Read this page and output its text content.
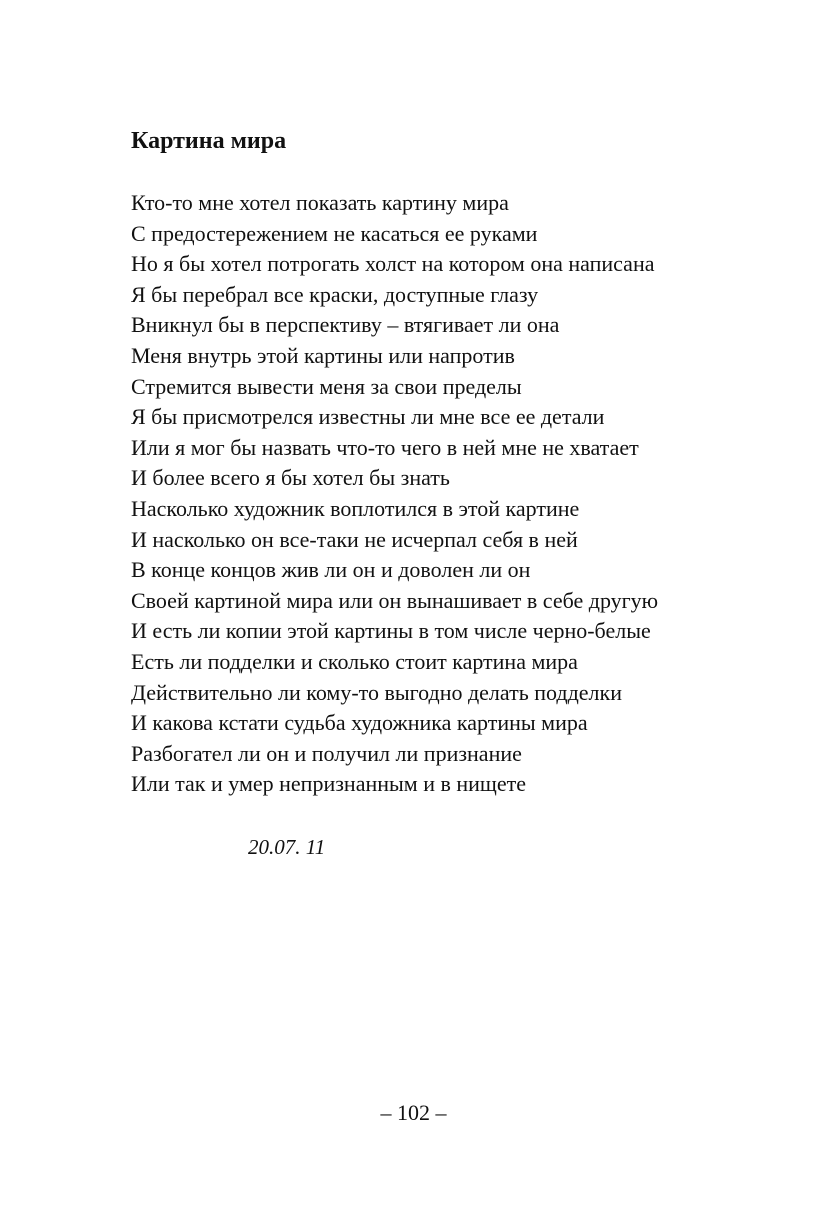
Картина мира
Кто-то мне хотел показать картину мира
С предостережением не касаться ее руками
Но я бы хотел потрогать холст на котором она написана
Я бы перебрал все краски, доступные глазу
Вникнул бы в перспективу – втягивает ли она
Меня внутрь этой картины или напротив
Стремится вывести меня за свои пределы
Я бы присмотрелся известны ли мне все ее детали
Или я мог бы назвать что-то чего в ней мне не хватает
И более всего я бы хотел бы знать
Насколько художник воплотился в этой картине
И насколько он все-таки не исчерпал себя в ней
В конце концов жив ли он и доволен ли он
Своей картиной мира или он вынашивает в себе другую
И есть ли копии этой картины в том числе черно-белые
Есть ли подделки и сколько стоит картина мира
Действительно ли кому-то выгодно делать подделки
И какова кстати судьба художника картины мира
Разбогател ли он и получил ли признание
Или так и умер непризнанным и в нищете

20.07. 11

– 102 –
